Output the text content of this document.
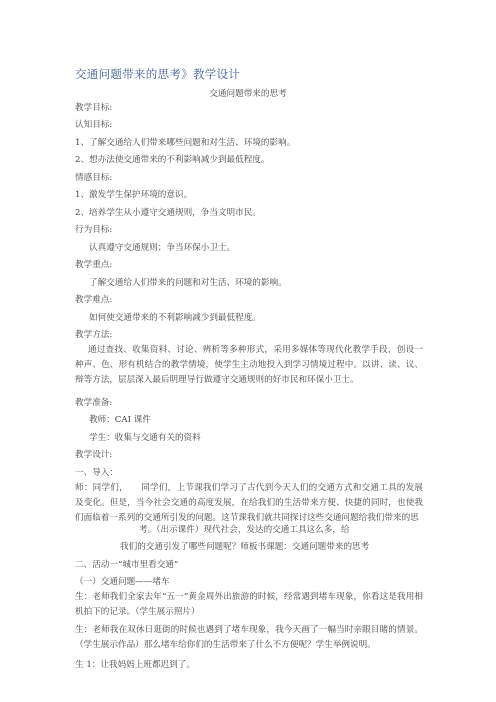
交通问题带来的思考》教学设计
交通问题带来的思考
教学目标:
认知目标:
1、了解交通给人们带来哪些问题和对生活、环境的影响。
2、想办法使交通带来的不利影响减少到最低程度。
情感目标:
1、激发学生保护环境的意识。
2、培养学生从小遵守交通规则，争当文明市民。
行为目标:
认真遵守交通规则；争当环保小卫士。
教学重点:
了解交通给人们带来的问题和对生活、环境的影响。
教学难点:
如何使交通带来的不利影响减少到最低程度。
教学方法:
通过查找、收集资料、讨论、辨析等多种形式，采用多媒体等现代化教学手段，创设一种声、色、形有机结合的教学情境，使学生主动地投入到学习情境过程中。以讲、读、议、辩等方法，层层深入最后明理导行做遵守交通规则的好市民和环保小卫士。
教学准备:
教师：CAI 课件
学生：收集与交通有关的资料
教学设计:
一、导入：
师：同学们，　　同学们，上节课我们学习了古代到今天人们的交通方式和交通工具的发展及变化。但是，当今社会交通的高度发展，在给我们的生活带来方便、快捷的同时，也使我们面临着一系列的交通所引发的问题。这节课我们就共同探讨这些交通问题给我们带来的思
考。（出示课件）现代社会，发达的交通工具这么多，给
我们的交通引发了哪些问题呢？师板书课题：交通问题带来的思考
二、活动一“城市里看交通”
（一）交通问题——堵车
生：老师我们全家去年“五一”黄金周外出旅游的时候，经常遇到堵车现象，你看这是我用相机拍下的记录。（学生展示照片）
生：老师我在双休日逛街的时候也遇到了堵车现象，我今天画了一幅当时亲眼目睹的情景。（学生展示作品）那么堵车给你们的生活带来了什么不方便呢？学生举例说明。
生 1：让我妈妈上班都迟到了。
